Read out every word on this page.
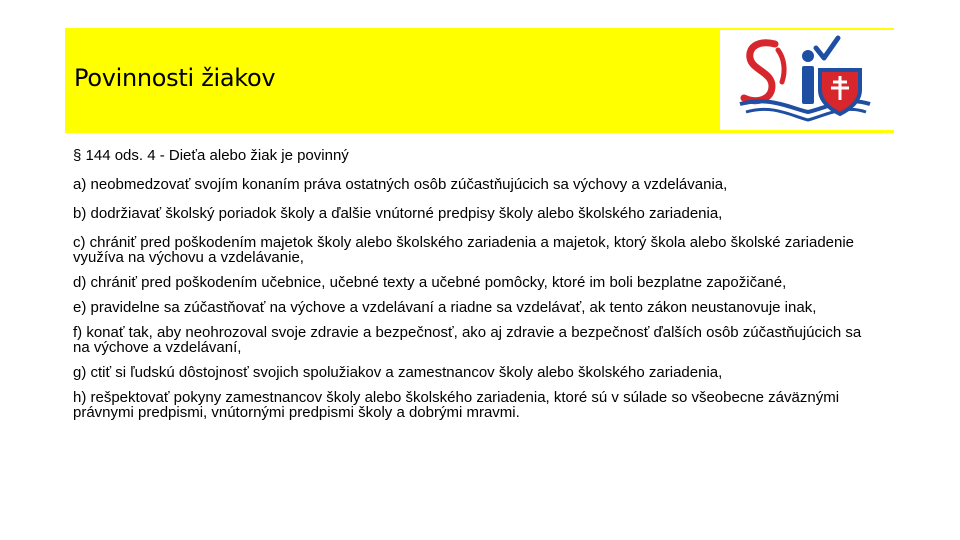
Povinnosti žiakov
§ 144 ods. 4 - Dieťa alebo žiak je povinný
a) neobmedzovať svojím konaním práva ostatných osôb zúčastňujúcich sa výchovy a vzdelávania,
b) dodržiavať školský poriadok školy a ďalšie vnútorné predpisy školy alebo školského zariadenia,
c) chrániť pred poškodením majetok školy alebo školského zariadenia a majetok, ktorý škola alebo školské zariadenie využíva na výchovu a vzdelávanie,
d) chrániť pred poškodením učebnice, učebné texty a učebné pomôcky, ktoré im boli bezplatne zapožičané,
e) pravidelne sa zúčastňovať na výchove a vzdelávaní a riadne sa vzdelávať, ak tento zákon neustanovuje inak,
f) konať tak, aby neohrozoval svoje zdravie a bezpečnosť, ako aj zdravie a bezpečnosť ďalších osôb zúčastňujúcich sa na výchove a vzdelávaní,
g) ctiť si ľudskú dôstojnosť svojich spolužiakov a zamestnancov školy alebo školského zariadenia,
h) rešpektovať pokyny zamestnancov školy alebo školského zariadenia, ktoré sú v súlade so všeobecne záväznými právnymi predpismi, vnútornými predpismi školy a dobrými mravmi.
